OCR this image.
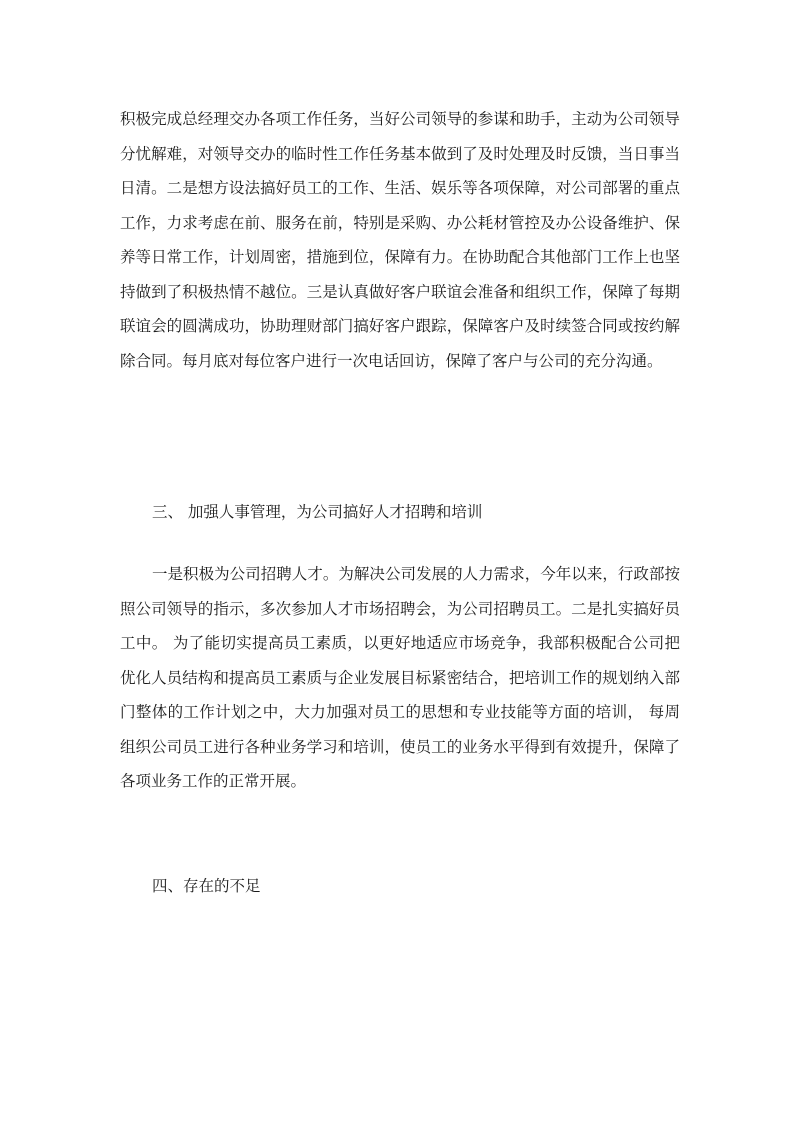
积极完成总经理交办各项工作任务，当好公司领导的参谋和助手，主动为公司领导分忧解难，对领导交办的临时性工作任务基本做到了及时处理及时反馈，当日事当日清。二是想方设法搞好员工的工作、生活、娱乐等各项保障，对公司部署的重点工作，力求考虑在前、服务在前，特别是采购、办公耗材管控及办公设备维护、保养等日常工作，计划周密，措施到位，保障有力。在协助配合其他部门工作上也坚持做到了积极热情不越位。三是认真做好客户联谊会准备和组织工作，保障了每期联谊会的圆满成功，协助理财部门搞好客户跟踪，保障客户及时续签合同或按约解除合同。每月底对每位客户进行一次电话回访，保障了客户与公司的充分沟通。

三、 加强人事管理，为公司搞好人才招聘和培训

一是积极为公司招聘人才。为解决公司发展的人力需求，今年以来，行政部按照公司领导的指示，多次参加人才市场招聘会，为公司招聘员工。二是扎实搞好员工中。 为了能切实提高员工素质，以更好地适应市场竞争，我部积极配合公司把优化人员结构和提高员工素质与企业发展目标紧密结合，把培训工作的规划纳入部门整体的工作计划之中，大力加强对员工的思想和专业技能等方面的培训， 每周组织公司员工进行各种业务学习和培训，使员工的业务水平得到有效提升，保障了各项业务工作的正常开展。

四、存在的不足
